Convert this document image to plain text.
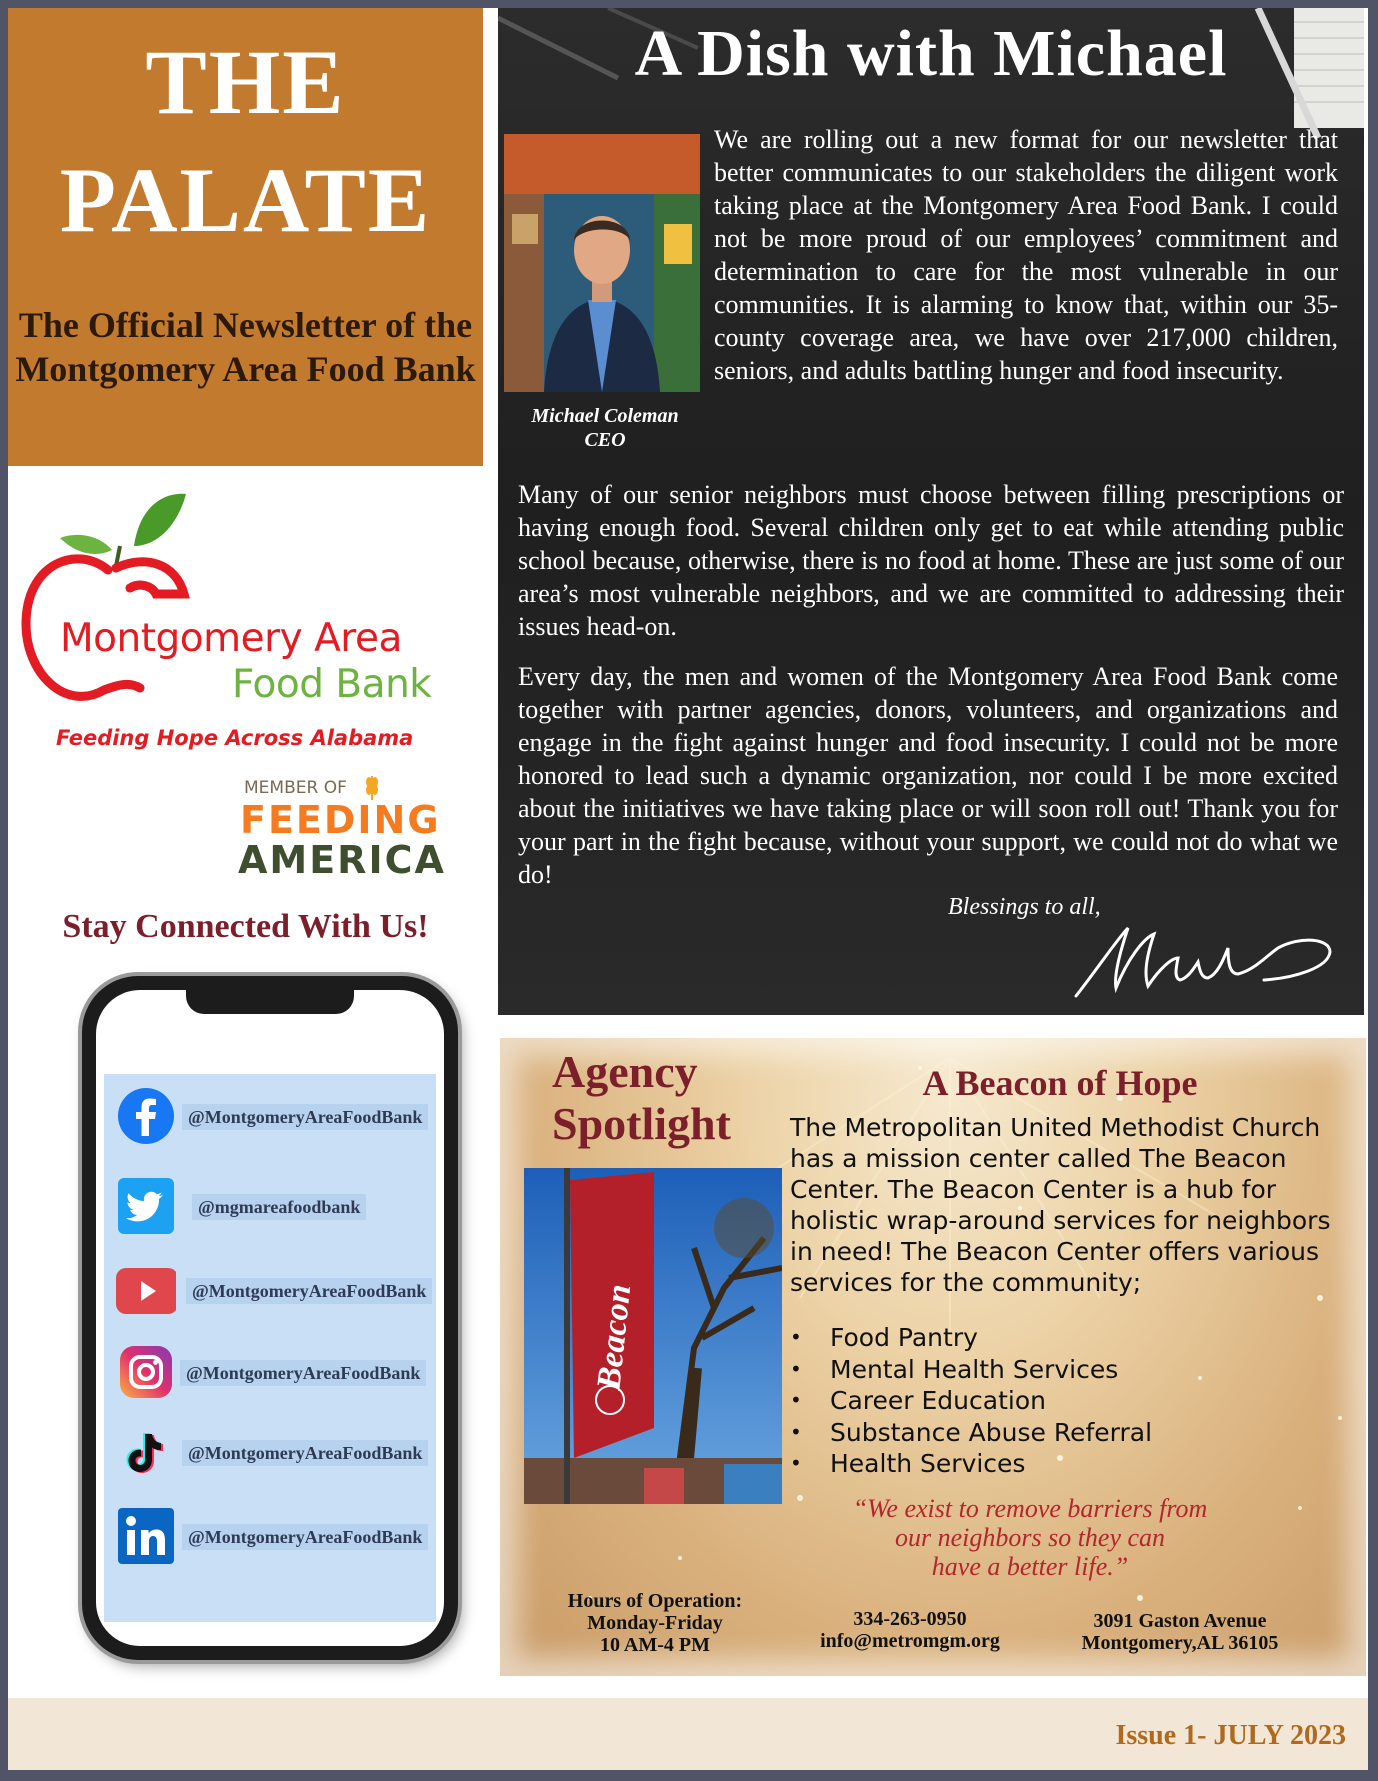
THE
PALATE
The Official Newsletter of the Montgomery Area Food Bank
Montgomery Area
Food Bank
Feeding Hope Across Alabama
MEMBER OF
FEEDING
AMERICA
Stay Connected With Us!
@MontgomeryAreaFoodBank
@mgmareafoodbank
@MontgomeryAreaFoodBank
@MontgomeryAreaFoodBank
@MontgomeryAreaFoodBank
@MontgomeryAreaFoodBank
A Dish with Michael
Michael Coleman
CEO

We are rolling out a new format for our newsletter that better communicates to our stakeholders the diligent work taking place at the Montgomery Area Food Bank. I could not be more proud of our employees’ commitment and determination to care for the most vulnerable in our communities. It is alarming to know that, within our 35-county coverage area, we have over 217,000 children, seniors, and adults battling hunger and food insecurity.

Many of our senior neighbors must choose between filling prescriptions or having enough food. Several children only get to eat while attending public school because, otherwise, there is no food at home. These are just some of our area’s most vulnerable neighbors, and we are committed to addressing their issues head-on.

Every day, the men and women of the Montgomery Area Food Bank come together with partner agencies, donors, volunteers, and organizations and engage in the fight against hunger and food insecurity. I could not be more honored to lead such a dynamic organization, nor could I be more excited about the initiatives we have taking place or will soon roll out! Thank you for your part in the fight because, without your support, we could not do what we do!

Blessings to all,
Agency
Spotlight
Beacon
A Beacon of Hope
The Metropolitan United Methodist Church has a mission center called The Beacon Center. The Beacon Center is a hub for holistic wrap-around services for neighbors in need! The Beacon Center offers various services for the community;
• Food Pantry
• Mental Health Services
• Career Education
• Substance Abuse Referral
• Health Services
“We exist to remove barriers from
our neighbors so they can
have a better life.”
Hours of Operation:
Monday-Friday
10 AM-4 PM
334-263-0950
info@metromgm.org
3091 Gaston Avenue
Montgomery,AL 36105
Issue 1- JULY 2023
